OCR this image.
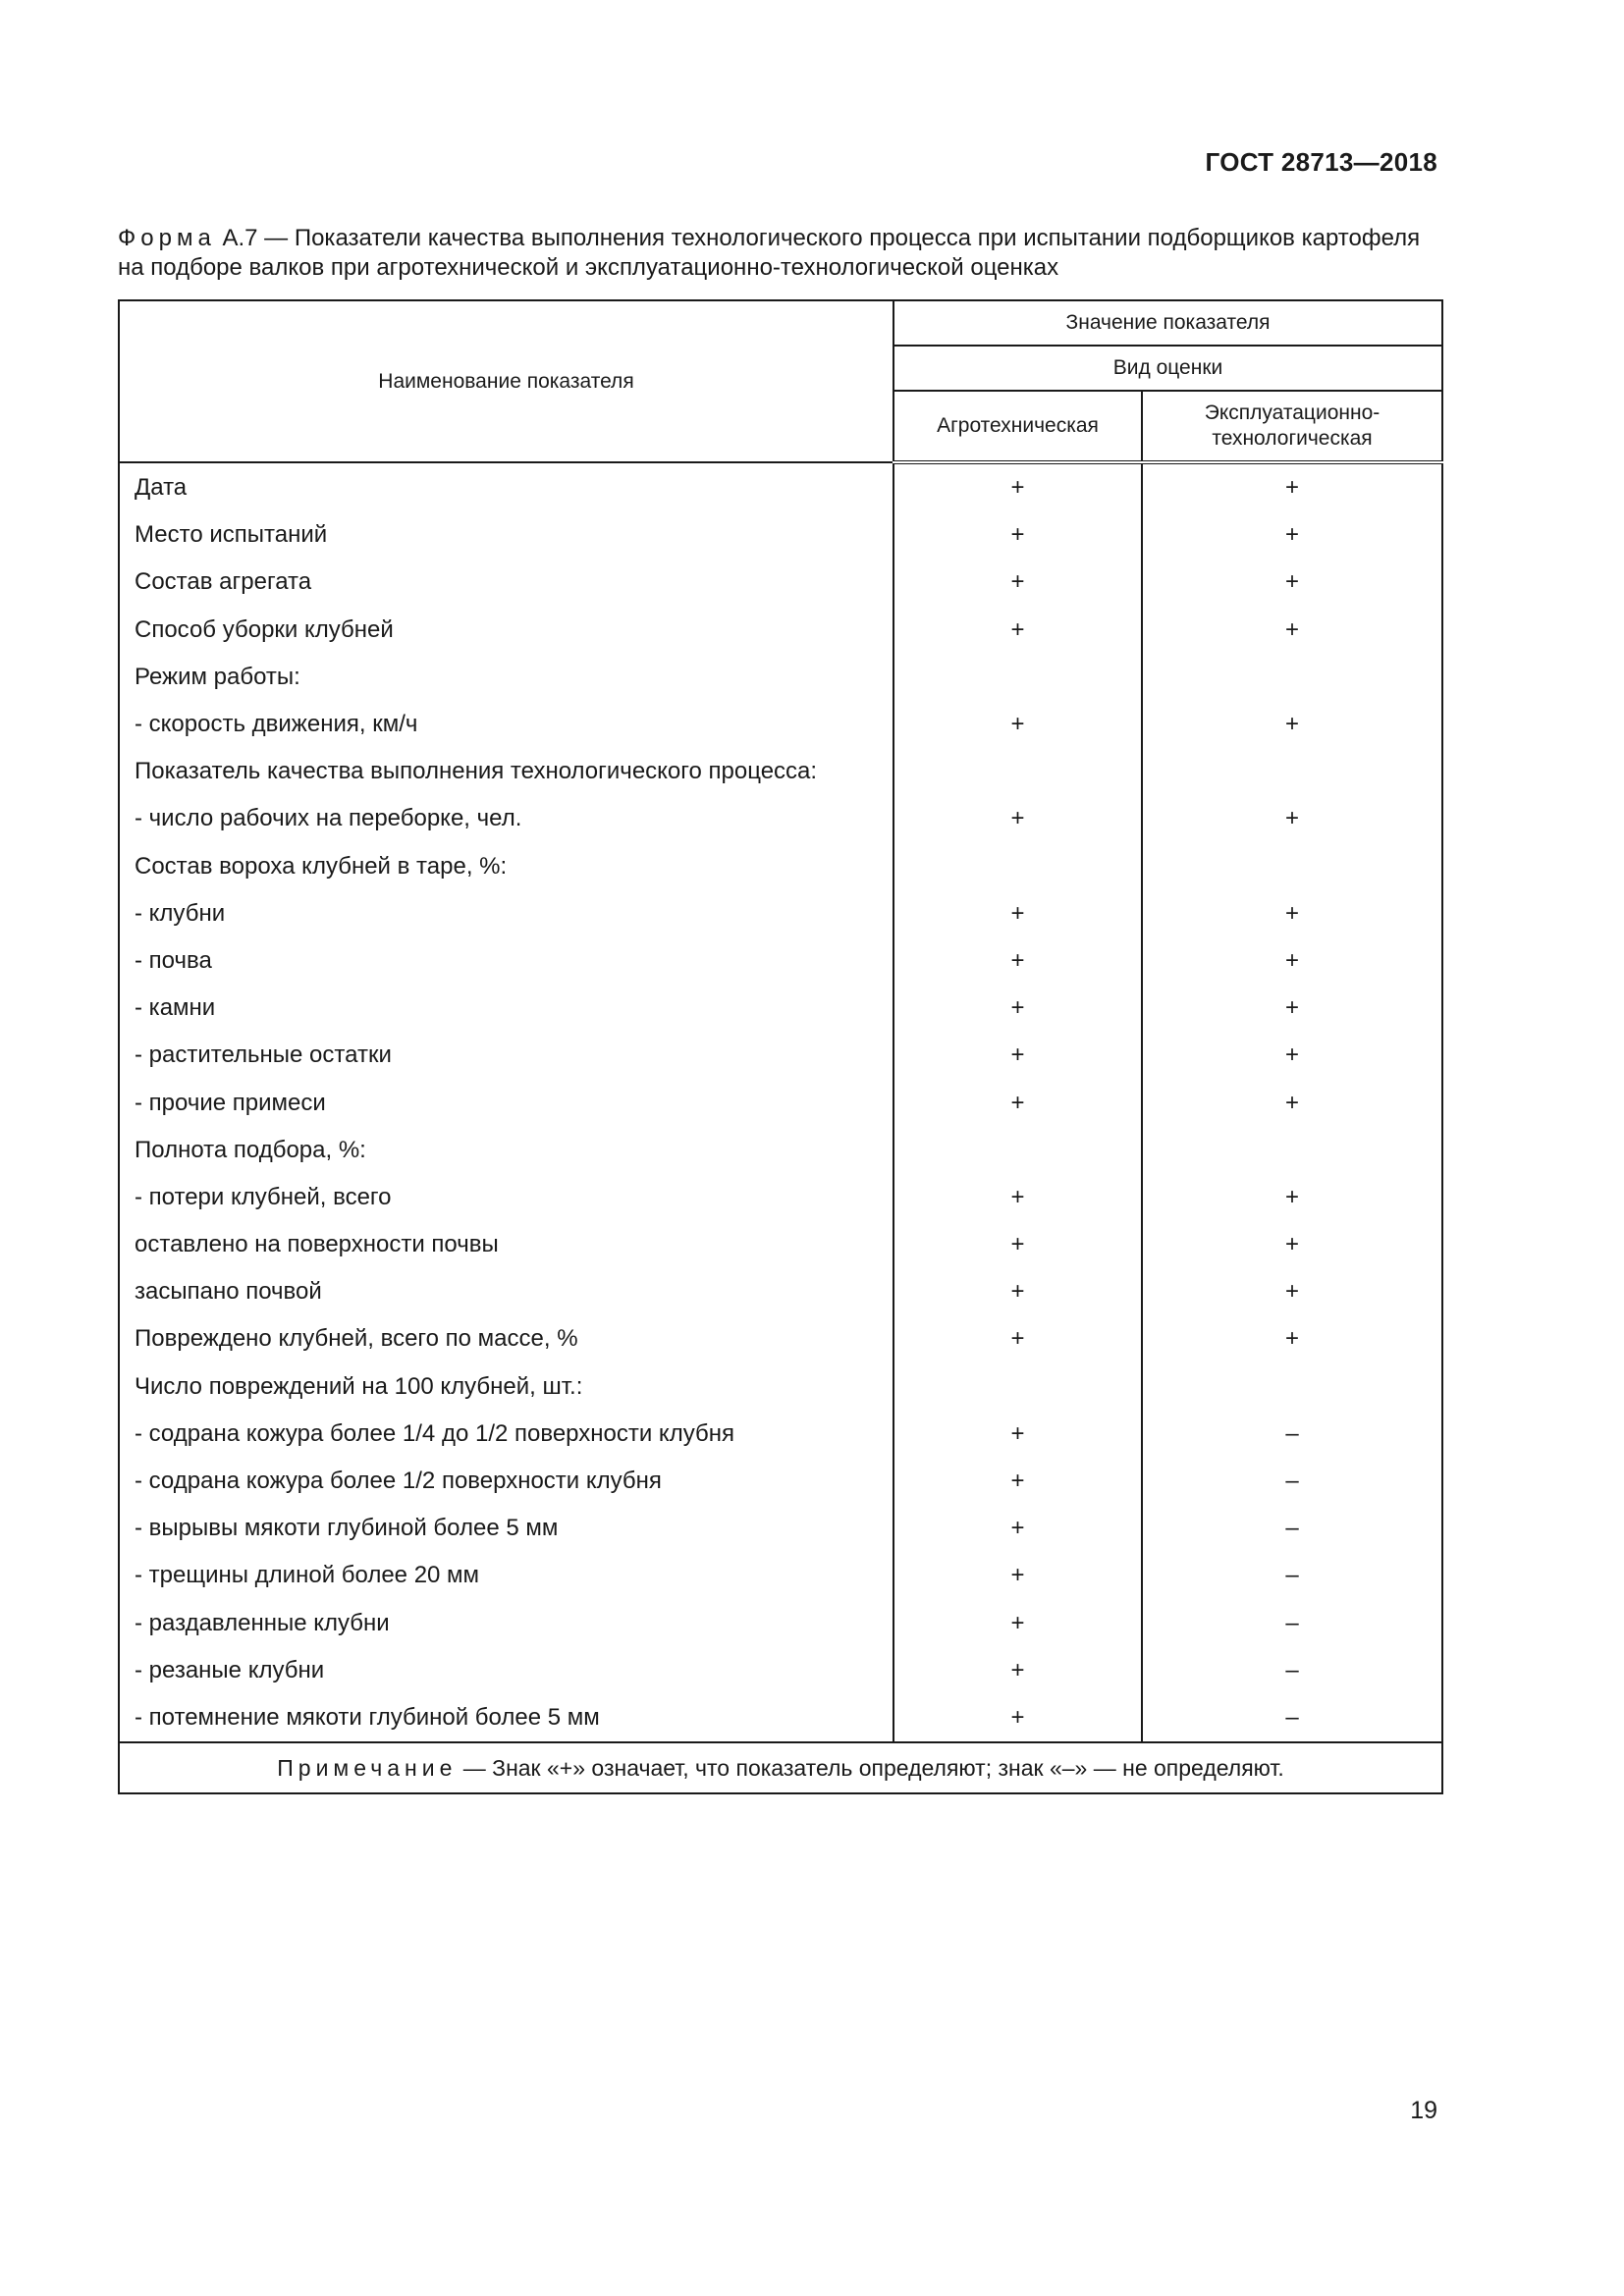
ГОСТ 28713—2018
Форма А.7 — Показатели качества выполнения технологического процесса при испытании подборщиков картофеля на подборе валков при агротехнической и эксплуатационно-технологической оценках
Наименование показателя	Значение показателя	
	Вид оценки	
	Агротехническая	Эксплуатационно-технологическая
Дата	+	+
Место испытаний	+	+
Состав агрегата	+	+
Способ уборки клубней	+	+
Режим работы:		
- скорость движения, км/ч	+	+
Показатель качества выполнения технологического процесса:		
- число рабочих на переборке, чел.	+	+
Состав вороха клубней в таре, %:		
- клубни	+	+
- почва	+	+
- камни	+	+
- растительные остатки	+	+
- прочие примеси	+	+
Полнота подбора, %:		
- потери клубней, всего	+	+
оставлено на поверхности почвы	+	+
засыпано почвой	+	+
Повреждено клубней, всего по массе, %	+	+
Число повреждений на 100 клубней, шт.:		
- содрана кожура более 1/4 до 1/2 поверхности клубня	+	–
- содрана кожура более 1/2 поверхности клубня	+	–
- вырывы мякоти глубиной более 5 мм	+	–
- трещины длиной более 20 мм	+	–
- раздавленные клубни	+	–
- резаные клубни	+	–
- потемнение мякоти глубиной более 5 мм	+	–
Примечание — Знак «+» означает, что показатель определяют; знак «–» — не определяют.		
19
